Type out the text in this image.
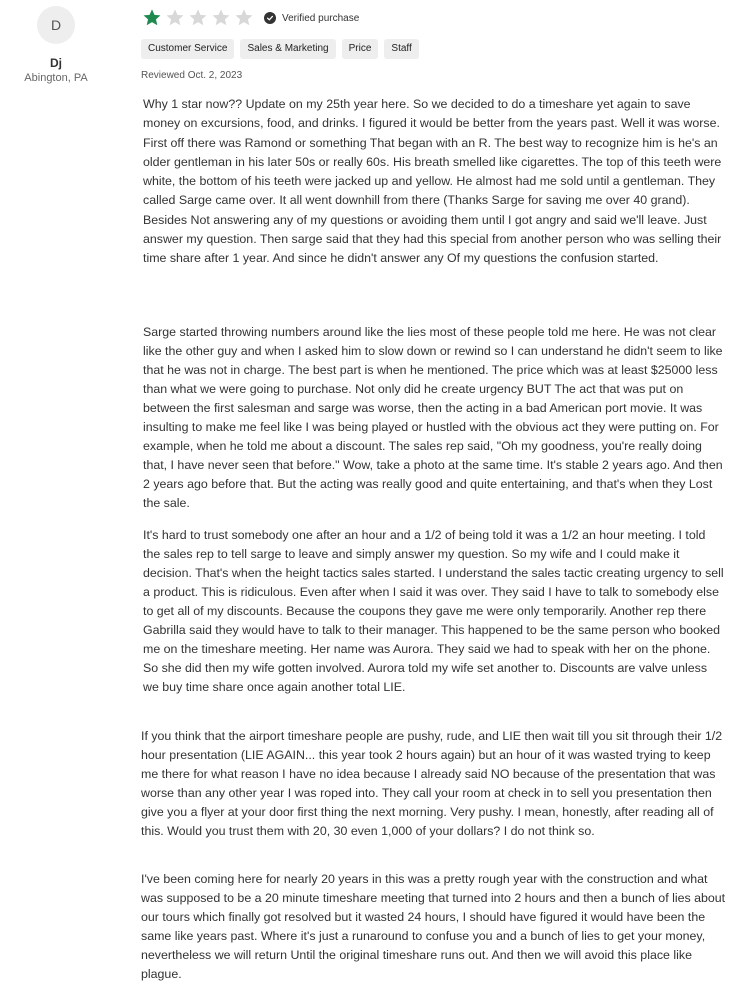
D
Dj
Abington, PA
Verified purchase
Customer Service	Sales & Marketing	Price	Staff
Reviewed Oct. 2, 2023

Why 1 star now?? Update on my 25th year here. So we decided to do a timeshare yet again to save money on excursions, food, and drinks. I figured it would be better from the years past. Well it was worse. First off there was Ramond or something That began with an R. The best way to recognize him is he's an older gentleman in his later 50s or really 60s. His breath smelled like cigarettes. The top of this teeth were white, the bottom of his teeth were jacked up and yellow. He almost had me sold until a gentleman. They called Sarge came over. It all went downhill from there (Thanks Sarge for saving me over 40 grand). Besides Not answering any of my questions or avoiding them until I got angry and said we'll leave. Just answer my question. Then sarge said that they had this special from another person who was selling their time share after 1 year. And since he didn't answer any Of my questions the confusion started.

Sarge started throwing numbers around like the lies most of these people told me here. He was not clear like the other guy and when I asked him to slow down or rewind so I can understand he didn't seem to like that he was not in charge. The best part is when he mentioned. The price which was at least $25000 less than what we were going to purchase. Not only did he create urgency BUT The act that was put on between the first salesman and sarge was worse, then the acting in a bad American port movie. It was insulting to make me feel like I was being played or hustled with the obvious act they were putting on. For example, when he told me about a discount. The sales rep said, "Oh my goodness, you're really doing that, I have never seen that before." Wow, take a photo at the same time. It's stable 2 years ago. And then 2 years ago before that. But the acting was really good and quite entertaining, and that's when they Lost the sale.

It's hard to trust somebody one after an hour and a 1/2 of being told it was a 1/2 an hour meeting. I told the sales rep to tell sarge to leave and simply answer my question. So my wife and I could make it decision. That's when the height tactics sales started. I understand the sales tactic creating urgency to sell a product. This is ridiculous. Even after when I said it was over. They said I have to talk to somebody else to get all of my discounts. Because the coupons they gave me were only temporarily. Another rep there Gabrilla said they would have to talk to their manager. This happened to be the same person who booked me on the timeshare meeting. Her name was Aurora. They said we had to speak with her on the phone. So she did then my wife gotten involved. Aurora told my wife set another to. Discounts are valve unless we buy time share once again another total LIE.

If you think that the airport timeshare people are pushy, rude, and LIE then wait till you sit through their 1/2 hour presentation (LIE AGAIN... this year took 2 hours again) but an hour of it was wasted trying to keep me there for what reason I have no idea because I already said NO because of the presentation that was worse than any other year I was roped into. They call your room at check in to sell you presentation then give you a flyer at your door first thing the next morning. Very pushy. I mean, honestly, after reading all of this. Would you trust them with 20, 30 even 1,000 of your dollars? I do not think so.

I've been coming here for nearly 20 years in this was a pretty rough year with the construction and what was supposed to be a 20 minute timeshare meeting that turned into 2 hours and then a bunch of lies about our tours which finally got resolved but it wasted 24 hours, I should have figured it would have been the same like years past. Where it's just a runaround to confuse you and a bunch of lies to get your money, nevertheless we will return Until the original timeshare runs out. And then we will avoid this place like plague.
